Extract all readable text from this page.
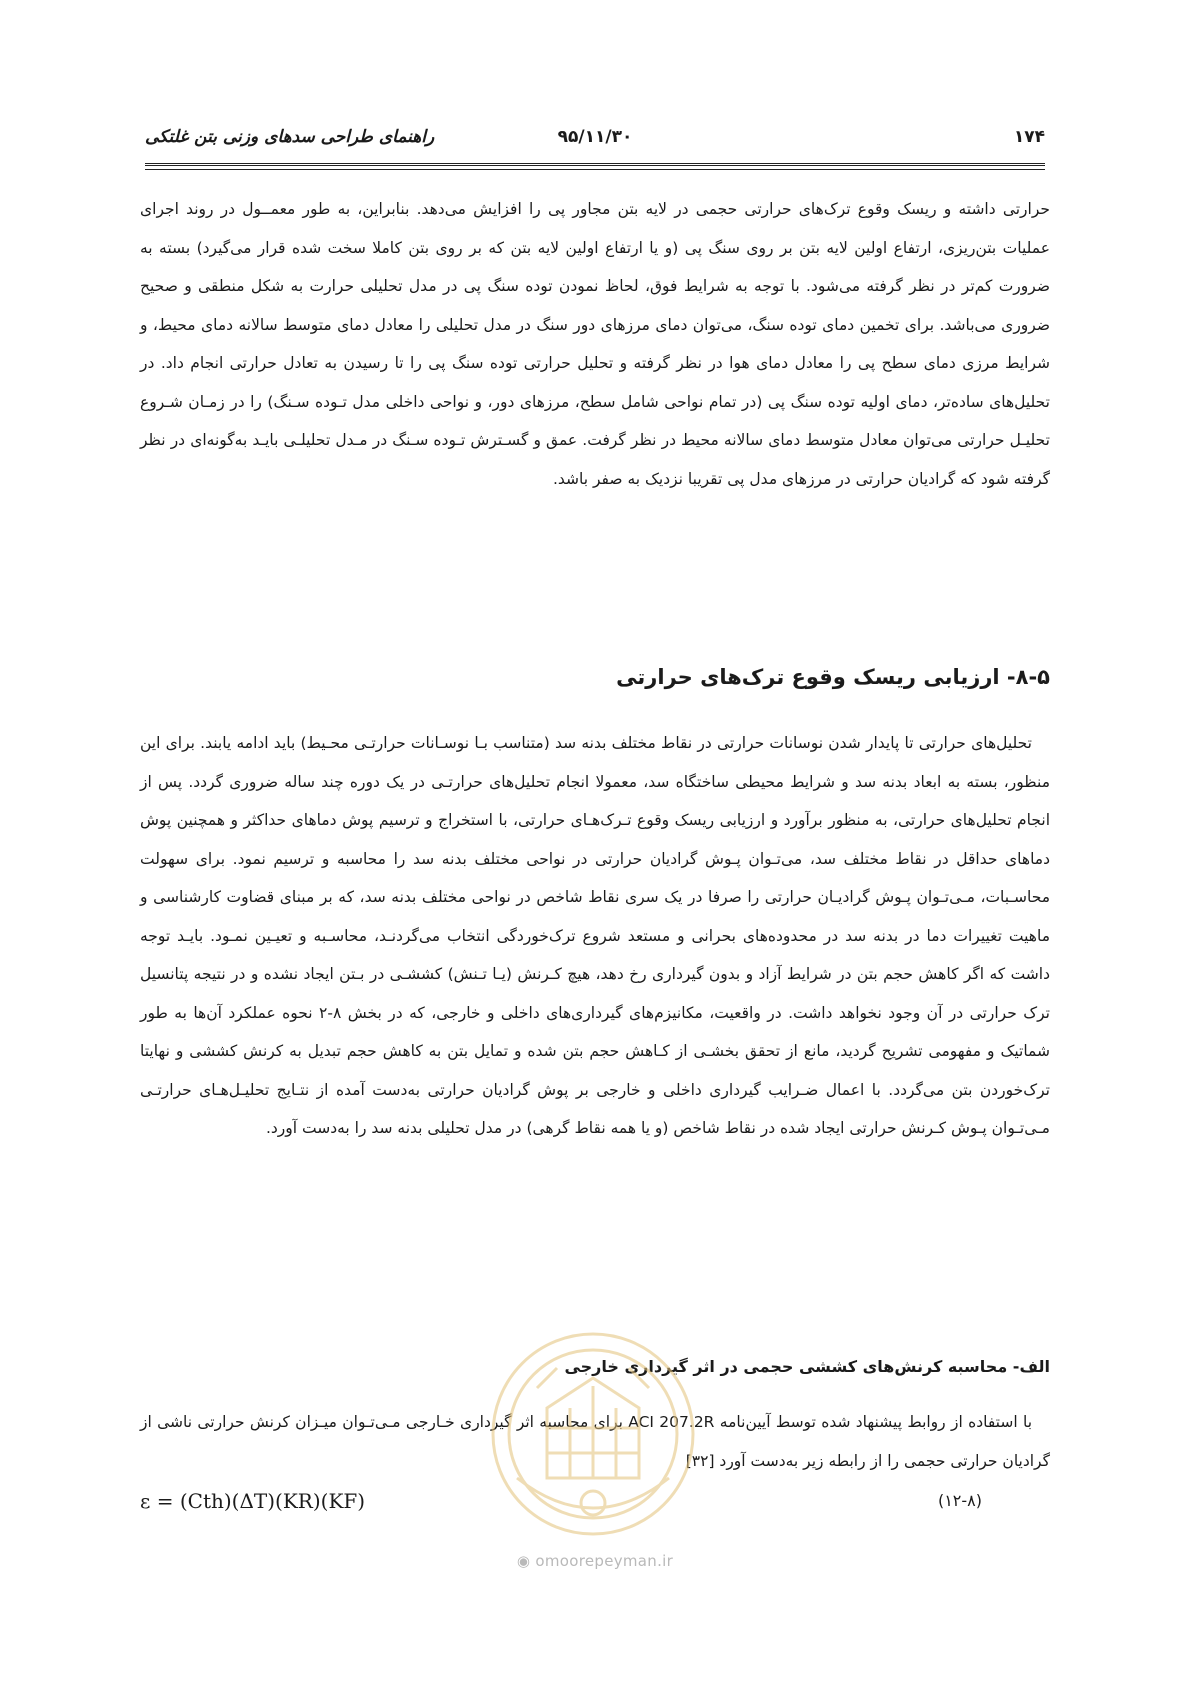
۱۷۴
۹۵/۱۱/۳۰
راهنمای طراحی سدهای وزنی بتن غلتکی

حرارتی داشته و ریسک وقوع ترک‌های حرارتی حجمی در لایه بتن مجاور پی را افزایش می‌دهد. بنابراین، به طور معمــول در روند اجرای عملیات بتن‌ریزی، ارتفاع اولین لایه بتن بر روی سنگ پی (و یا ارتفاع اولین لایه بتن که بر روی بتن کاملا سخت شده قرار می‌گیرد) بسته به ضرورت کم‌تر در نظر گرفته می‌شود. با توجه به شرایط فوق، لحاظ نمودن توده سنگ پی در مدل تحلیلی حرارت به شکل منطقی و صحیح ضروری می‌باشد. برای تخمین دمای توده سنگ، می‌توان دمای مرزهای دور سنگ در مدل تحلیلی را معادل دمای متوسط سالانه دمای محیط، و شرایط مرزی دمای سطح پی را معادل دمای هوا در نظر گرفته و تحلیل حرارتی توده سنگ پی را تا رسیدن به تعادل حرارتی انجام داد. در تحلیل‌های ساده‌تر، دمای اولیه توده سنگ پی (در تمام نواحی شامل سطح، مرزهای دور، و نواحی داخلی مدل تـوده سـنگ) را در زمـان شـروع تحلیـل حرارتی می‌توان معادل متوسط دمای سالانه محیط در نظر گرفت. عمق و گسـترش تـوده سـنگ در مـدل تحلیلـی بایـد به‌گونه‌ای در نظر گرفته شود که گرادیان حرارتی در مرزهای مدل پی تقریبا نزدیک به صفر باشد.

۸-۵- ارزیابی ریسک وقوع ترک‌های حرارتی

تحلیل‌های حرارتی تا پایدار شدن نوسانات حرارتی در نقاط مختلف بدنه سد (متناسب بـا نوسـانات حرارتـی محـیط) باید ادامه یابند. برای این منظور، بسته به ابعاد بدنه سد و شرایط محیطی ساختگاه سد، معمولا انجام تحلیل‌های حرارتـی در یک دوره چند ساله ضروری گردد. پس از انجام تحلیل‌های حرارتی، به منظور برآورد و ارزیابی ریسک وقوع تـرک‌هـای حرارتی، با استخراج و ترسیم پوش دماهای حداکثر و همچنین پوش دماهای حداقل در نقاط مختلف سد، می‌تـوان پـوش گرادیان حرارتی در نواحی مختلف بدنه سد را محاسبه و ترسیم نمود. برای سهولت محاسـبات، مـی‌تـوان پـوش گرادیـان حرارتی را صرفا در یک سری نقاط شاخص در نواحی مختلف بدنه سد، که بر مبنای قضاوت کارشناسی و ماهیت تغییرات دما در بدنه سد در محدوده‌های بحرانی و مستعد شروع ترک‌خوردگی انتخاب می‌گردنـد، محاسـبه و تعیـین نمـود. بایـد توجه داشت که اگر کاهش حجم بتن در شرایط آزاد و بدون گیرداری رخ دهد، هیچ کـرنش (یـا تـنش) کششـی در بـتن ایجاد نشده و در نتیجه پتانسیل ترک حرارتی در آن وجود نخواهد داشت. در واقعیت، مکانیزم‌های گیرداری‌های داخلی و خارجی، که در بخش ۸-۲ نحوه عملکرد آن‌ها به طور شماتیک و مفهومی تشریح گردید، مانع از تحقق بخشـی از کـاهش حجم بتن شده و تمایل بتن به کاهش حجم تبدیل به کرنش کششی و نهایتا ترک‌خوردن بتن می‌گردد. با اعمال ضـرایب گیرداری داخلی و خارجی بر پوش گرادیان حرارتی به‌دست آمده از نتـایج تحلیـل‌هـای حرارتـی مـی‌تـوان پـوش کـرنش حرارتی ایجاد شده در نقاط شاخص (و یا همه نقاط گرهی) در مدل تحلیلی بدنه سد را به‌دست آورد.

الف- محاسبه کرنش‌های کششی حجمی در اثر گیرداری خارجی

با استفاده از روابط پیشنهاد شده توسط آیین‌نامه ACI 207.2R برای محاسبه اثر گیرداری خـارجی مـی‌تـوان میـزان کرنش حرارتی ناشی از گرادیان حرارتی حجمی را از رابطه زیر به‌دست آورد [۳۲]

ε = (Cth)(ΔT)(KR)(KF)	(۱۲-۸)
◉ omoorepeyman.ir
